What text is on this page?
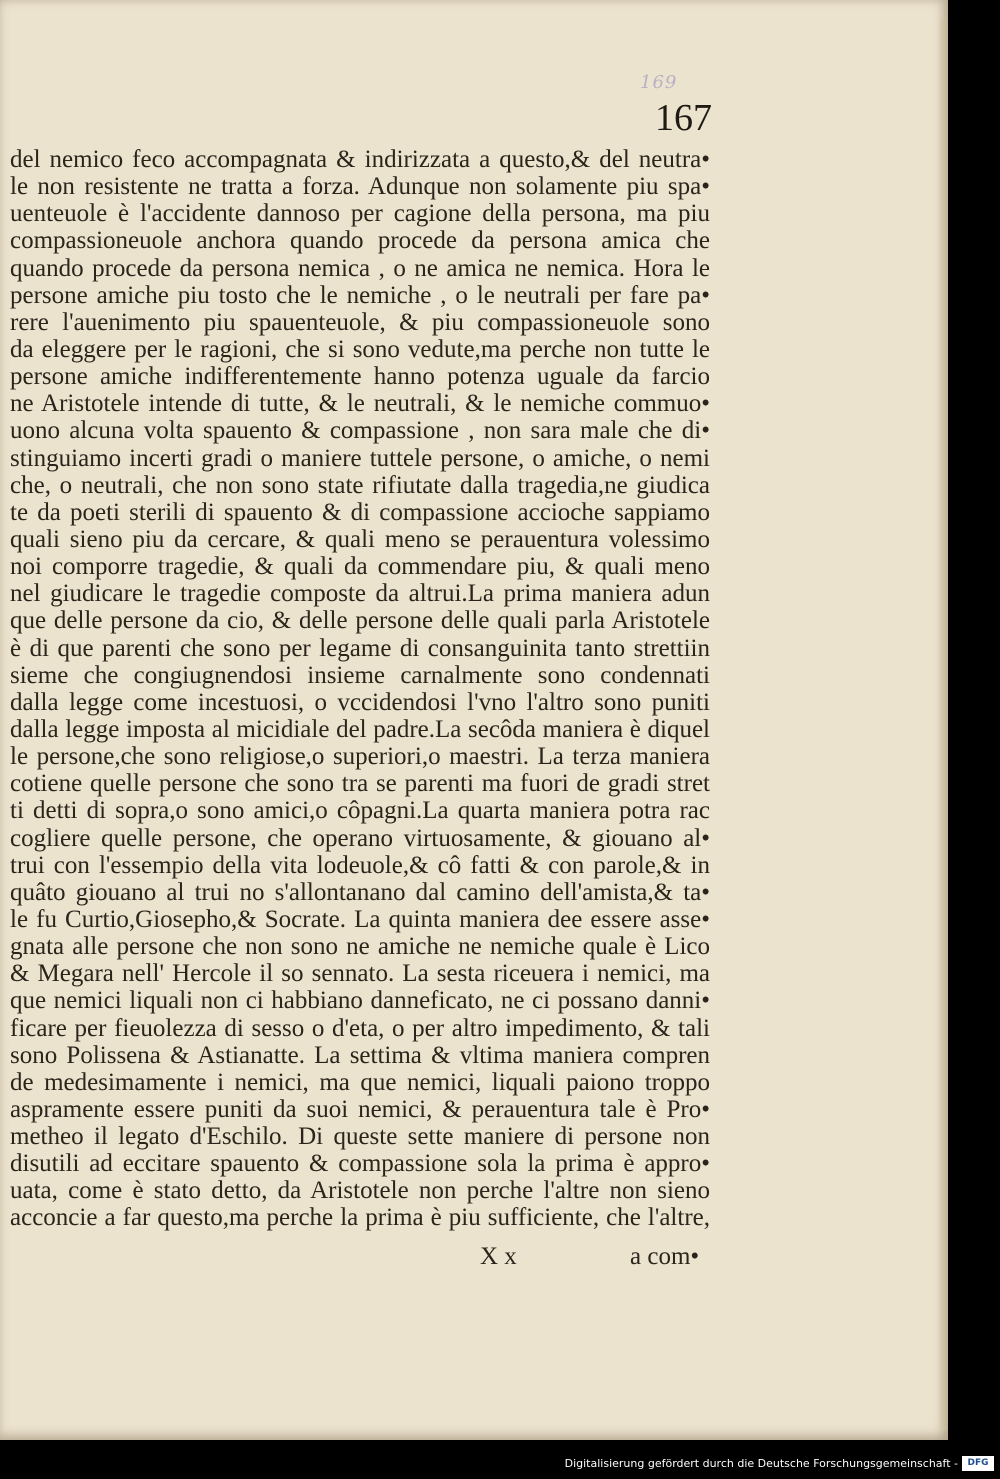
169
167
del nemico feco accompagnata & indirizzata a questo,& del neutra•
le non resistente ne tratta a forza. Adunque non solamente piu spa•
uenteuole è l'accidente dannoso per cagione della persona, ma piu
compassioneuole anchora quando procede da persona amica che
quando procede da persona nemica , o ne amica ne nemica. Hora le
persone amiche piu tosto che le nemiche , o le neutrali per fare pa•
rere l'auenimento piu spauenteuole, & piu compassioneuole sono
da eleggere per le ragioni, che si sono vedute,ma perche non tutte le
persone amiche indifferentemente hanno potenza uguale da farcio
ne Aristotele intende di tutte, & le neutrali, & le nemiche commuo•
uono alcuna volta spauento & compassione , non sara male che di•
stinguiamo incerti gradi o maniere tuttele persone, o amiche, o nemi
che, o neutrali, che non sono state rifiutate dalla tragedia,ne giudica
te da poeti sterili di spauento & di compassione accioche sappiamo
quali sieno piu da cercare, & quali meno se perauentura volessimo
noi comporre tragedie, & quali da commendare piu, & quali meno
nel giudicare le tragedie composte da altrui.La prima maniera adun
que delle persone da cio, & delle persone delle quali parla Aristotele
è di que parenti che sono per legame di consanguinita tanto strettiin
sieme che congiugnendosi insieme carnalmente sono condennati
dalla legge come incestuosi, o vccidendosi l'vno l'altro sono puniti
dalla legge imposta al micidiale del padre.La secôda maniera è diquel
le persone,che sono religiose,o superiori,o maestri. La terza maniera
cotiene quelle persone che sono tra se parenti ma fuori de gradi stret
ti detti di sopra,o sono amici,o côpagni.La quarta maniera potra rac
cogliere quelle persone, che operano virtuosamente, & giouano al•
trui con l'essempio della vita lodeuole,& cô fatti & con parole,& in
quâto giouano al trui no s'allontanano dal camino dell'amista,& ta•
le fu Curtio,Giosepho,& Socrate. La quinta maniera dee essere asse•
gnata alle persone che non sono ne amiche ne nemiche quale è Lico
& Megara nell' Hercole il so sennato. La sesta riceuera i nemici, ma
que nemici liquali non ci habbiano danneficato, ne ci possano danni•
ficare per fieuolezza di sesso o d'eta, o per altro impedimento, & tali
sono Polissena & Astianatte. La settima & vltima maniera compren
de medesimamente i nemici, ma que nemici, liquali paiono troppo
aspramente essere puniti da suoi nemici, & perauentura tale è Pro•
metheo il legato d'Eschilo. Di queste sette maniere di persone non
disutili ad eccitare spauento & compassione sola la prima è appro•
uata, come è stato detto, da Aristotele non perche l'altre non sieno
acconcie a far questo,ma perche la prima è piu sufficiente, che l'altre,
X x	a com•
Digitalisierung gefördert durch die Deutsche Forschungsgemeinschaft -	DFG
